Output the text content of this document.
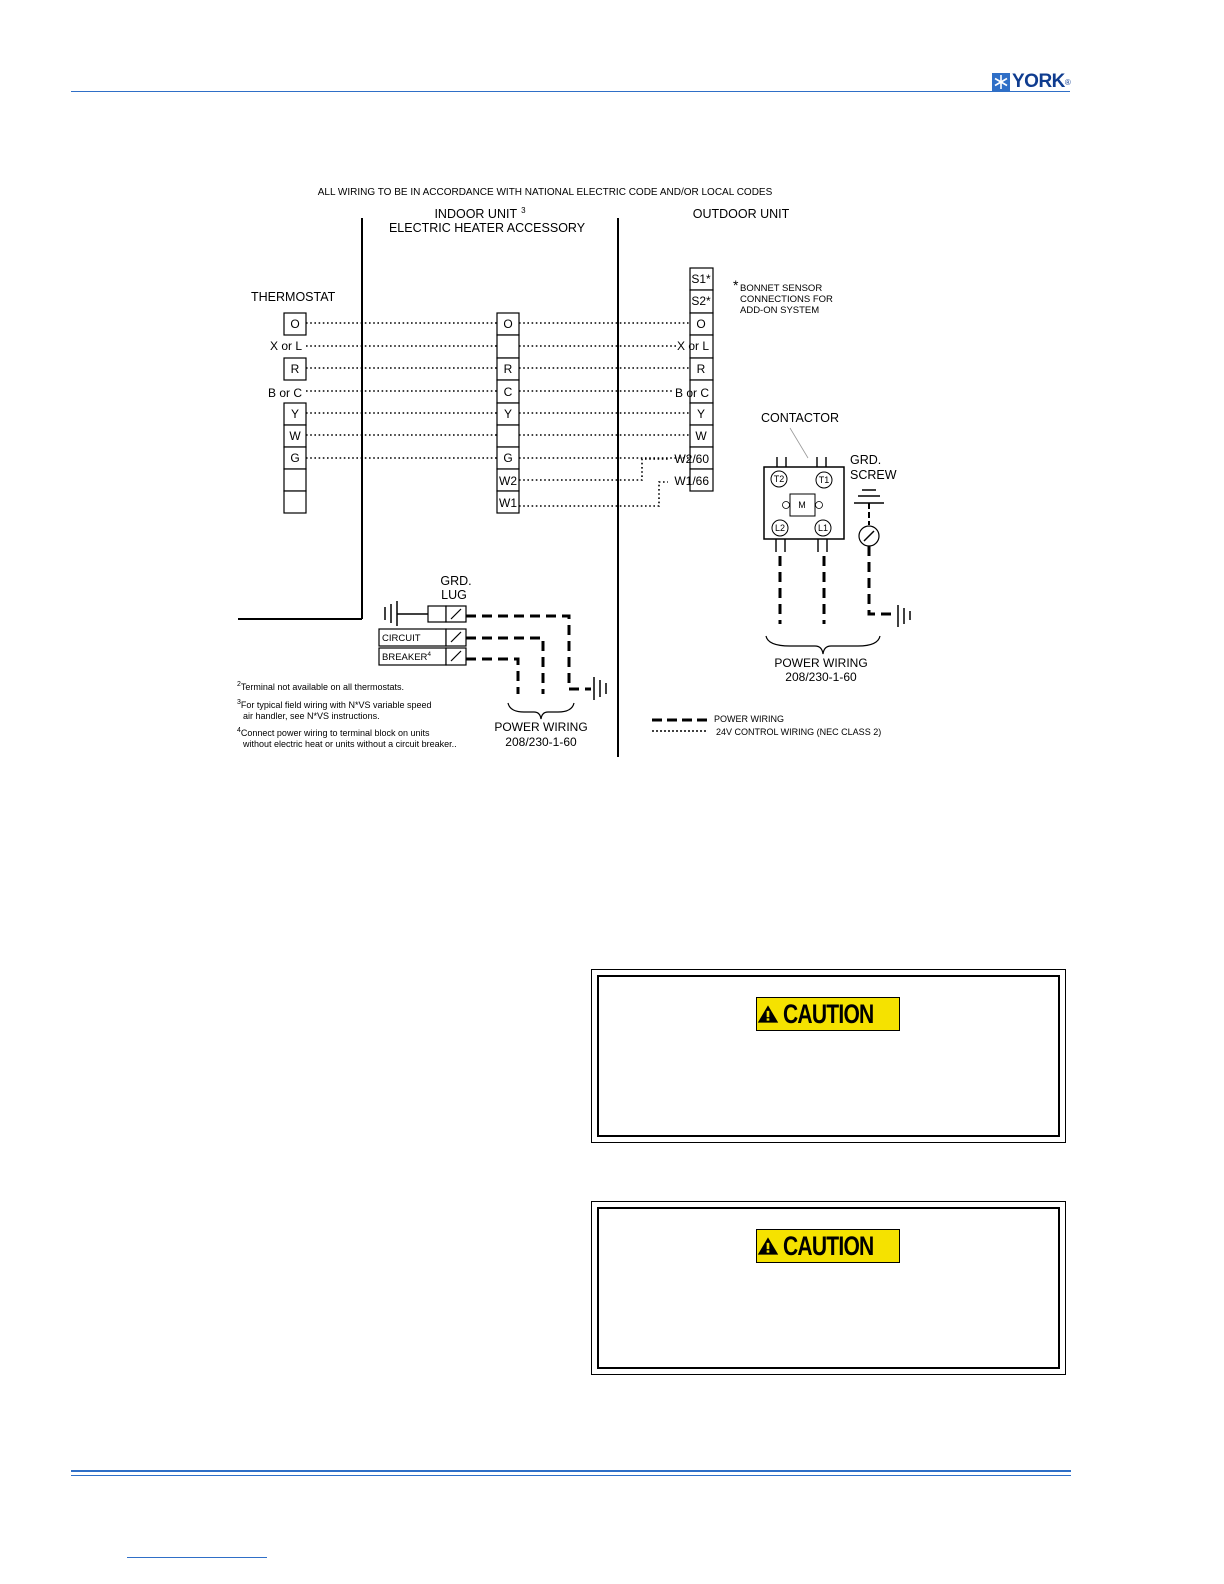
YORK ®
ALL WIRING TO BE IN ACCORDANCE WITH NATIONAL ELECTRIC CODE AND/OR LOCAL CODES
INDOOR UNIT $^3$
ELECTRIC HEATER ACCESSORY
OUTDOOR UNIT
THERMOSTAT
O
R
Y
W
G
X or L
B or C
O
R
C
Y
G
W2
W1
S1*
S2*
O
R
Y
W
X or L
B or C
W2/60
W1/66
* BONNET SENSOR
CONNECTIONS FOR
ADD-ON SYSTEM
CONTACTOR
T2	T1
M
L2	L1
GRD.
SCREW
POWER WIRING
208/230-1-60
GRD.
LUG
CIRCUIT
BREAKER$^4$
POWER WIRING
208/230-1-60
$^2$Terminal not available on all thermostats.
$^3$For typical field wiring with N*VS variable speed
air handler, see N*VS instructions.
$^4$Connect power wiring to terminal block on units
without electric heat or units without a circuit breaker..
POWER WIRING
24V CONTROL WIRING (NEC CLASS 2)
CAUTION
CAUTION
